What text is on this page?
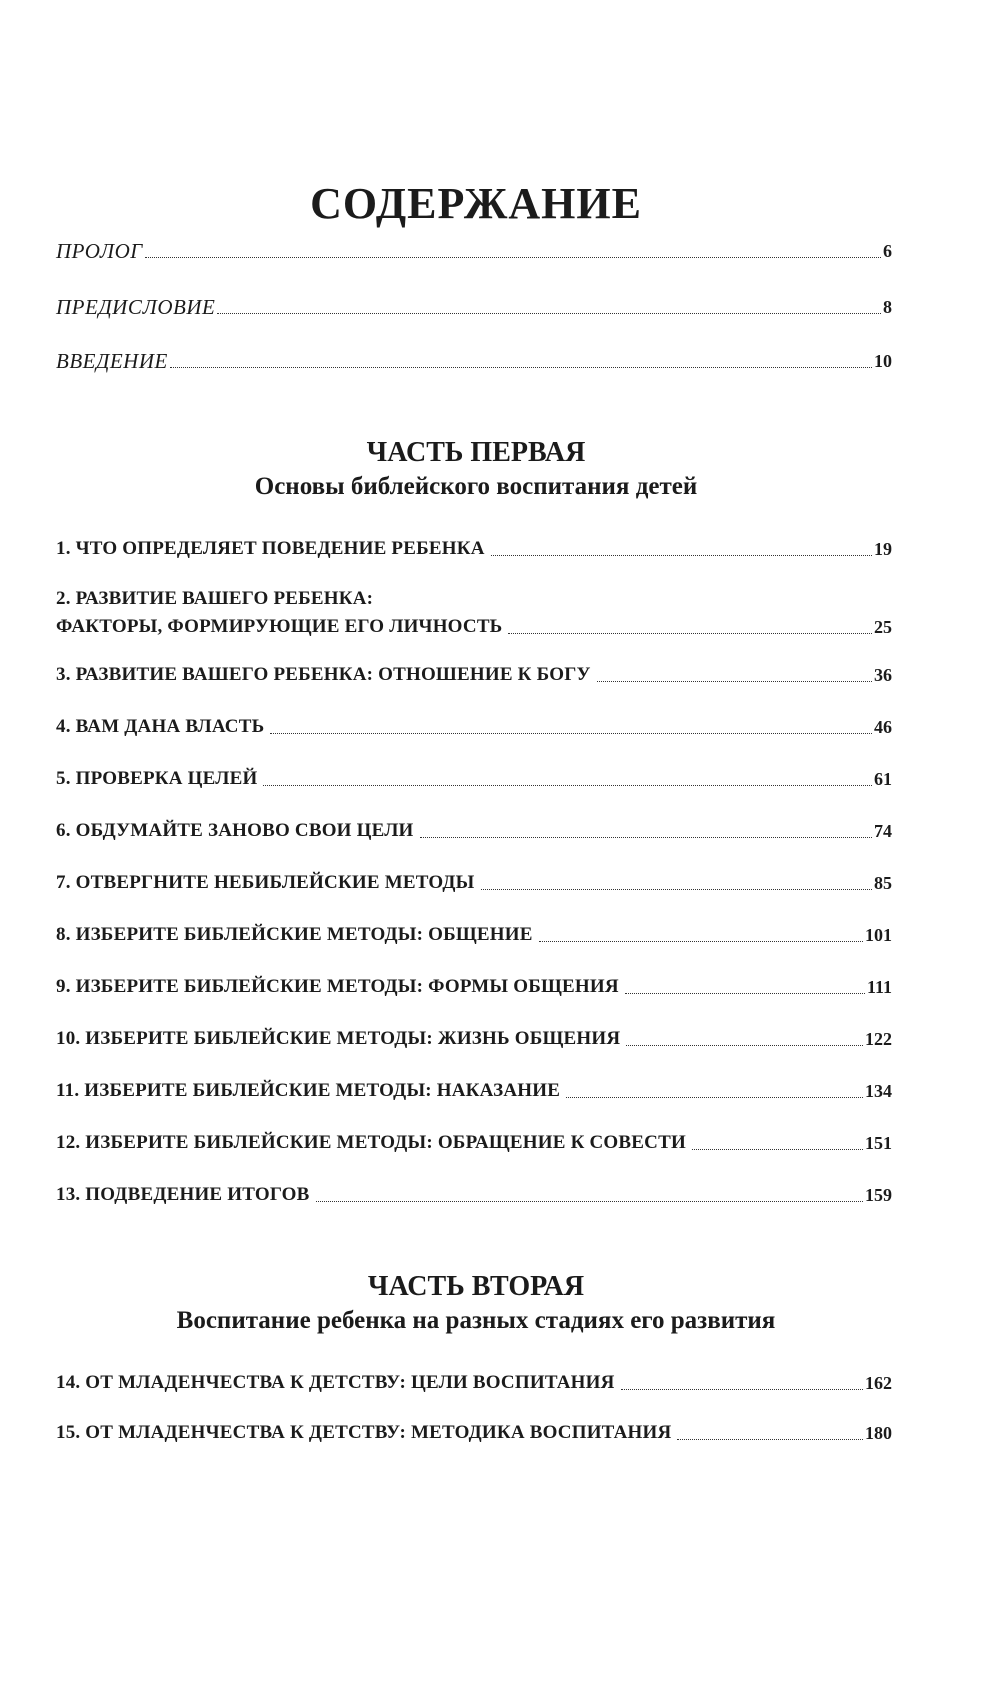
СОДЕРЖАНИЕ
ПРОЛОГ	6
ПРЕДИСЛОВИЕ	8
ВВЕДЕНИЕ	10
ЧАСТЬ ПЕРВАЯ
Основы библейского воспитания детей
1. ЧТО ОПРЕДЕЛЯЕТ ПОВЕДЕНИЕ РЕБЕНКА	19
2. РАЗВИТИЕ ВАШЕГО РЕБЕНКА:
ФАКТОРЫ, ФОРМИРУЮЩИЕ ЕГО ЛИЧНОСТЬ	25
3. РАЗВИТИЕ ВАШЕГО РЕБЕНКА: ОТНОШЕНИЕ К БОГУ	36
4. ВАМ ДАНА ВЛАСТЬ	46
5. ПРОВЕРКА ЦЕЛЕЙ	61
6. ОБДУМАЙТЕ ЗАНОВО СВОИ ЦЕЛИ	74
7. ОТВЕРГНИТЕ НЕБИБЛЕЙСКИЕ МЕТОДЫ	85
8. ИЗБЕРИТЕ БИБЛЕЙСКИЕ МЕТОДЫ: ОБЩЕНИЕ	101
9. ИЗБЕРИТЕ БИБЛЕЙСКИЕ МЕТОДЫ: ФОРМЫ ОБЩЕНИЯ	111
10. ИЗБЕРИТЕ БИБЛЕЙСКИЕ МЕТОДЫ: ЖИЗНЬ ОБЩЕНИЯ	122
11. ИЗБЕРИТЕ БИБЛЕЙСКИЕ МЕТОДЫ: НАКАЗАНИЕ	134
12. ИЗБЕРИТЕ БИБЛЕЙСКИЕ МЕТОДЫ: ОБРАЩЕНИЕ К СОВЕСТИ	151
13. ПОДВЕДЕНИЕ ИТОГОВ	159
ЧАСТЬ ВТОРАЯ
Воспитание ребенка на разных стадиях его развития
14. ОТ МЛАДЕНЧЕСТВА К ДЕТСТВУ: ЦЕЛИ ВОСПИТАНИЯ	162
15. ОТ МЛАДЕНЧЕСТВА К ДЕТСТВУ: МЕТОДИКА ВОСПИТАНИЯ	180
